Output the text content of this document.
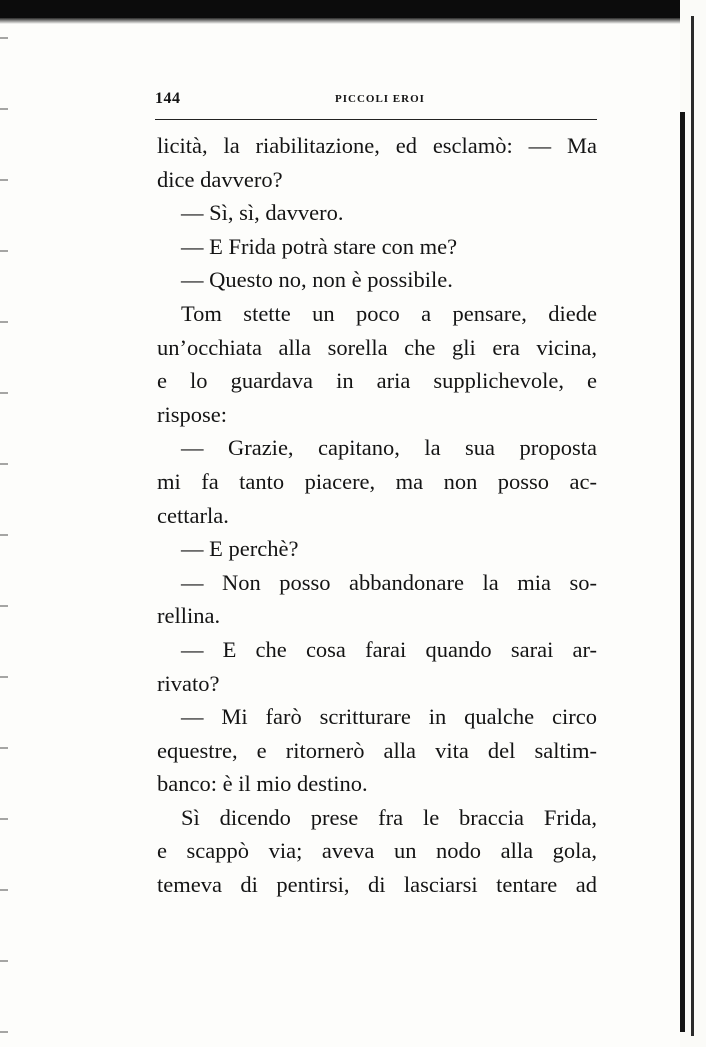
144	PICCOLI EROI
licità, la riabilitazione, ed esclamò: — Ma
dice davvero?
— Sì, sì, davvero.
— E Frida potrà stare con me?
— Questo no, non è possibile.
Tom stette un poco a pensare, diede
un’occhiata alla sorella che gli era vicina,
e lo guardava in aria supplichevole, e
rispose:
— Grazie, capitano, la sua proposta
mi fa tanto piacere, ma non posso ac-
cettarla.
— E perchè?
— Non posso abbandonare la mia so-
rellina.
— E che cosa farai quando sarai ar-
rivato?
— Mi farò scritturare in qualche circo
equestre, e ritornerò alla vita del saltim-
banco: è il mio destino.
Sì dicendo prese fra le braccia Frida,
e scappò via; aveva un nodo alla gola,
temeva di pentirsi, di lasciarsi tentare ad
